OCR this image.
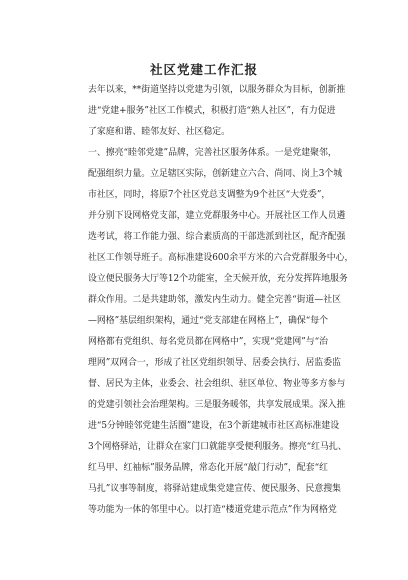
社区党建工作汇报
去年以来，**街道坚持以党建为引领，以服务群众为目标，创新推
进“党建+服务”社区工作模式，积极打造“熟人社区”，有力促进
了家庭和谐、睦邻友好、社区稳定。
一、擦亮“睦邻党建”品牌，完善社区服务体系。一是党建聚邻，
配强组织力量。立足辖区实际，创新建立六合、尚同、岗上3个城
市社区，同时，将原7个社区党总支调整为9个社区“大党委”，
并分别下设网格党支部，建立党群服务中心。开展社区工作人员遴
选考试，将工作能力强、综合素质高的干部选派到社区，配齐配强
社区工作领导班子。高标准建设600余平方米的六合党群服务中心，
设立便民服务大厅等12个功能室，全天候开放，充分发挥阵地服务
群众作用。二是共建助邻，激发内生动力。健全完善“街道—社区
—网格”基层组织架构，通过“党支部建在网格上”，确保“每个
网格都有党组织、每名党员都在网格中”，实现“党建网”与“治
理网”双网合一，形成了社区党组织领导、居委会执行、居监委监
督、居民为主体，业委会、社会组织、驻区单位、物业等多方参与
的党建引领社会治理架构。三是服务暖邻，共享发展成果。深入推
进“5分钟睦邻党建生活圈”建设，在3个新建城市社区高标准建设
3个网格驿站，让群众在家门口就能享受便利服务。擦亮“红马扎、
红马甲、红袖标”服务品牌，常态化开展“敲门行动”，配套“红
马扎”议事等制度，将驿站建成集党建宣传、便民服务、民意搜集
等功能为一体的邻里中心。以打造“楼道党建示范点”作为网格党
